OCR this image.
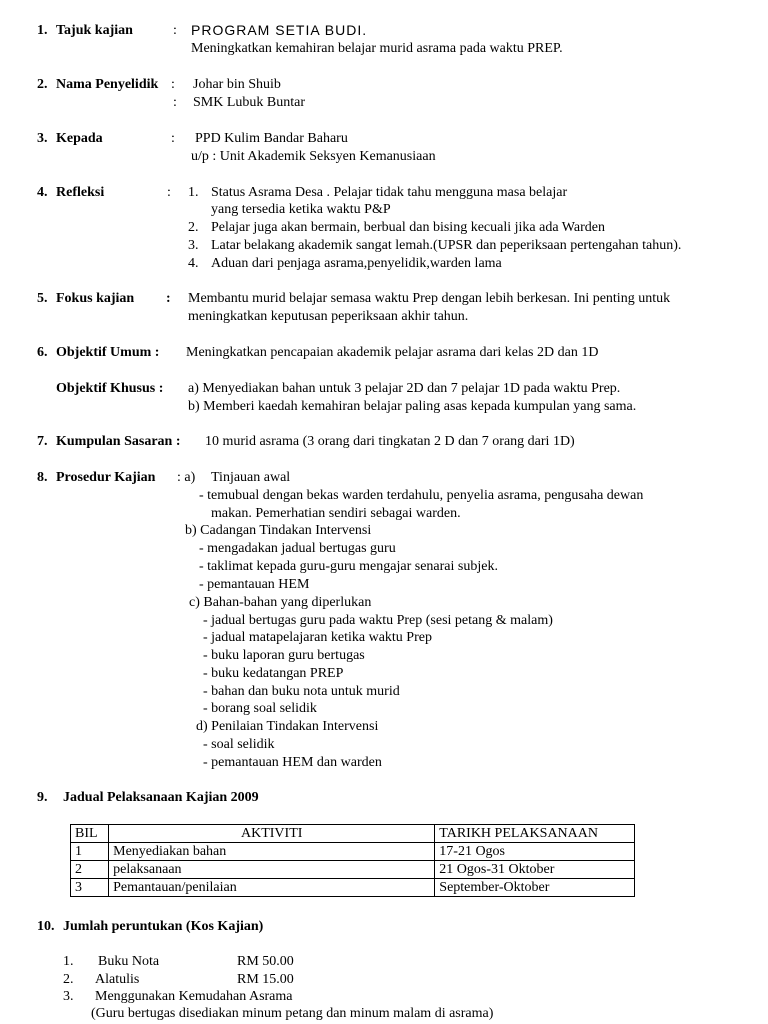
1. Tajuk kajian	: PROGRAM SETIA BUDI.
Meningkatkan kemahiran belajar murid asrama pada waktu PREP.
2. Nama Penyelidik : Johar bin Shuib
: SMK Lubuk Buntar
3. Kepada	: PPD Kulim Bandar Baharu
u/p : Unit Akademik Seksyen Kemanusiaan
4. Refleksi	: 1. Status Asrama Desa . Pelajar tidak tahu mengguna masa belajar
yang tersedia ketika waktu P&P
2. Pelajar juga akan bermain, berbual dan bising kecuali jika ada Warden
3. Latar belakang akademik sangat lemah.(UPSR dan peperiksaan pertengahan tahun).
4. Aduan dari penjaga asrama,penyelidik,warden lama
5. Fokus kajian : Membantu murid belajar semasa waktu Prep dengan lebih berkesan. Ini penting untuk
meningkatkan keputusan peperiksaan akhir tahun.
6. Objektif Umum : Meningkatkan pencapaian akademik pelajar asrama dari kelas 2D dan 1D
Objektif Khusus : a) Menyediakan bahan untuk 3 pelajar 2D dan 7 pelajar 1D pada waktu Prep.
b) Memberi kaedah kemahiran belajar paling asas kepada kumpulan yang sama.
7. Kumpulan Sasaran : 10 murid asrama (3 orang dari tingkatan 2 D dan 7 orang dari 1D)
8. Prosedur Kajian : a) Tinjauan awal
- temubual dengan bekas warden terdahulu, penyelia asrama, pengusaha dewan
makan. Pemerhatian sendiri sebagai warden.
b) Cadangan Tindakan Intervensi
- mengadakan jadual bertugas guru
- taklimat kepada guru-guru mengajar senarai subjek.
- pemantauan HEM
c) Bahan-bahan yang diperlukan
- jadual bertugas guru pada waktu Prep (sesi petang & malam)
- jadual matapelajaran ketika waktu Prep
- buku laporan guru bertugas
- buku kedatangan PREP
- bahan dan buku nota untuk murid
- borang soal selidik
d) Penilaian Tindakan Intervensi
- soal selidik
- pemantauan HEM dan warden
9. Jadual Pelaksanaan Kajian 2009
BIL	AKTIVITI	TARIKH PELAKSANAAN
1	Menyediakan bahan	17-21 Ogos
2	pelaksanaan	21 Ogos-31 Oktober
3	Pemantauan/penilaian	September-Oktober
10. Jumlah peruntukan (Kos Kajian)
1. Buku Nota	RM 50.00
2. Alatulis	RM 15.00
3. Menggunakan Kemudahan Asrama
(Guru bertugas disediakan minum petang dan minum malam di asrama)
